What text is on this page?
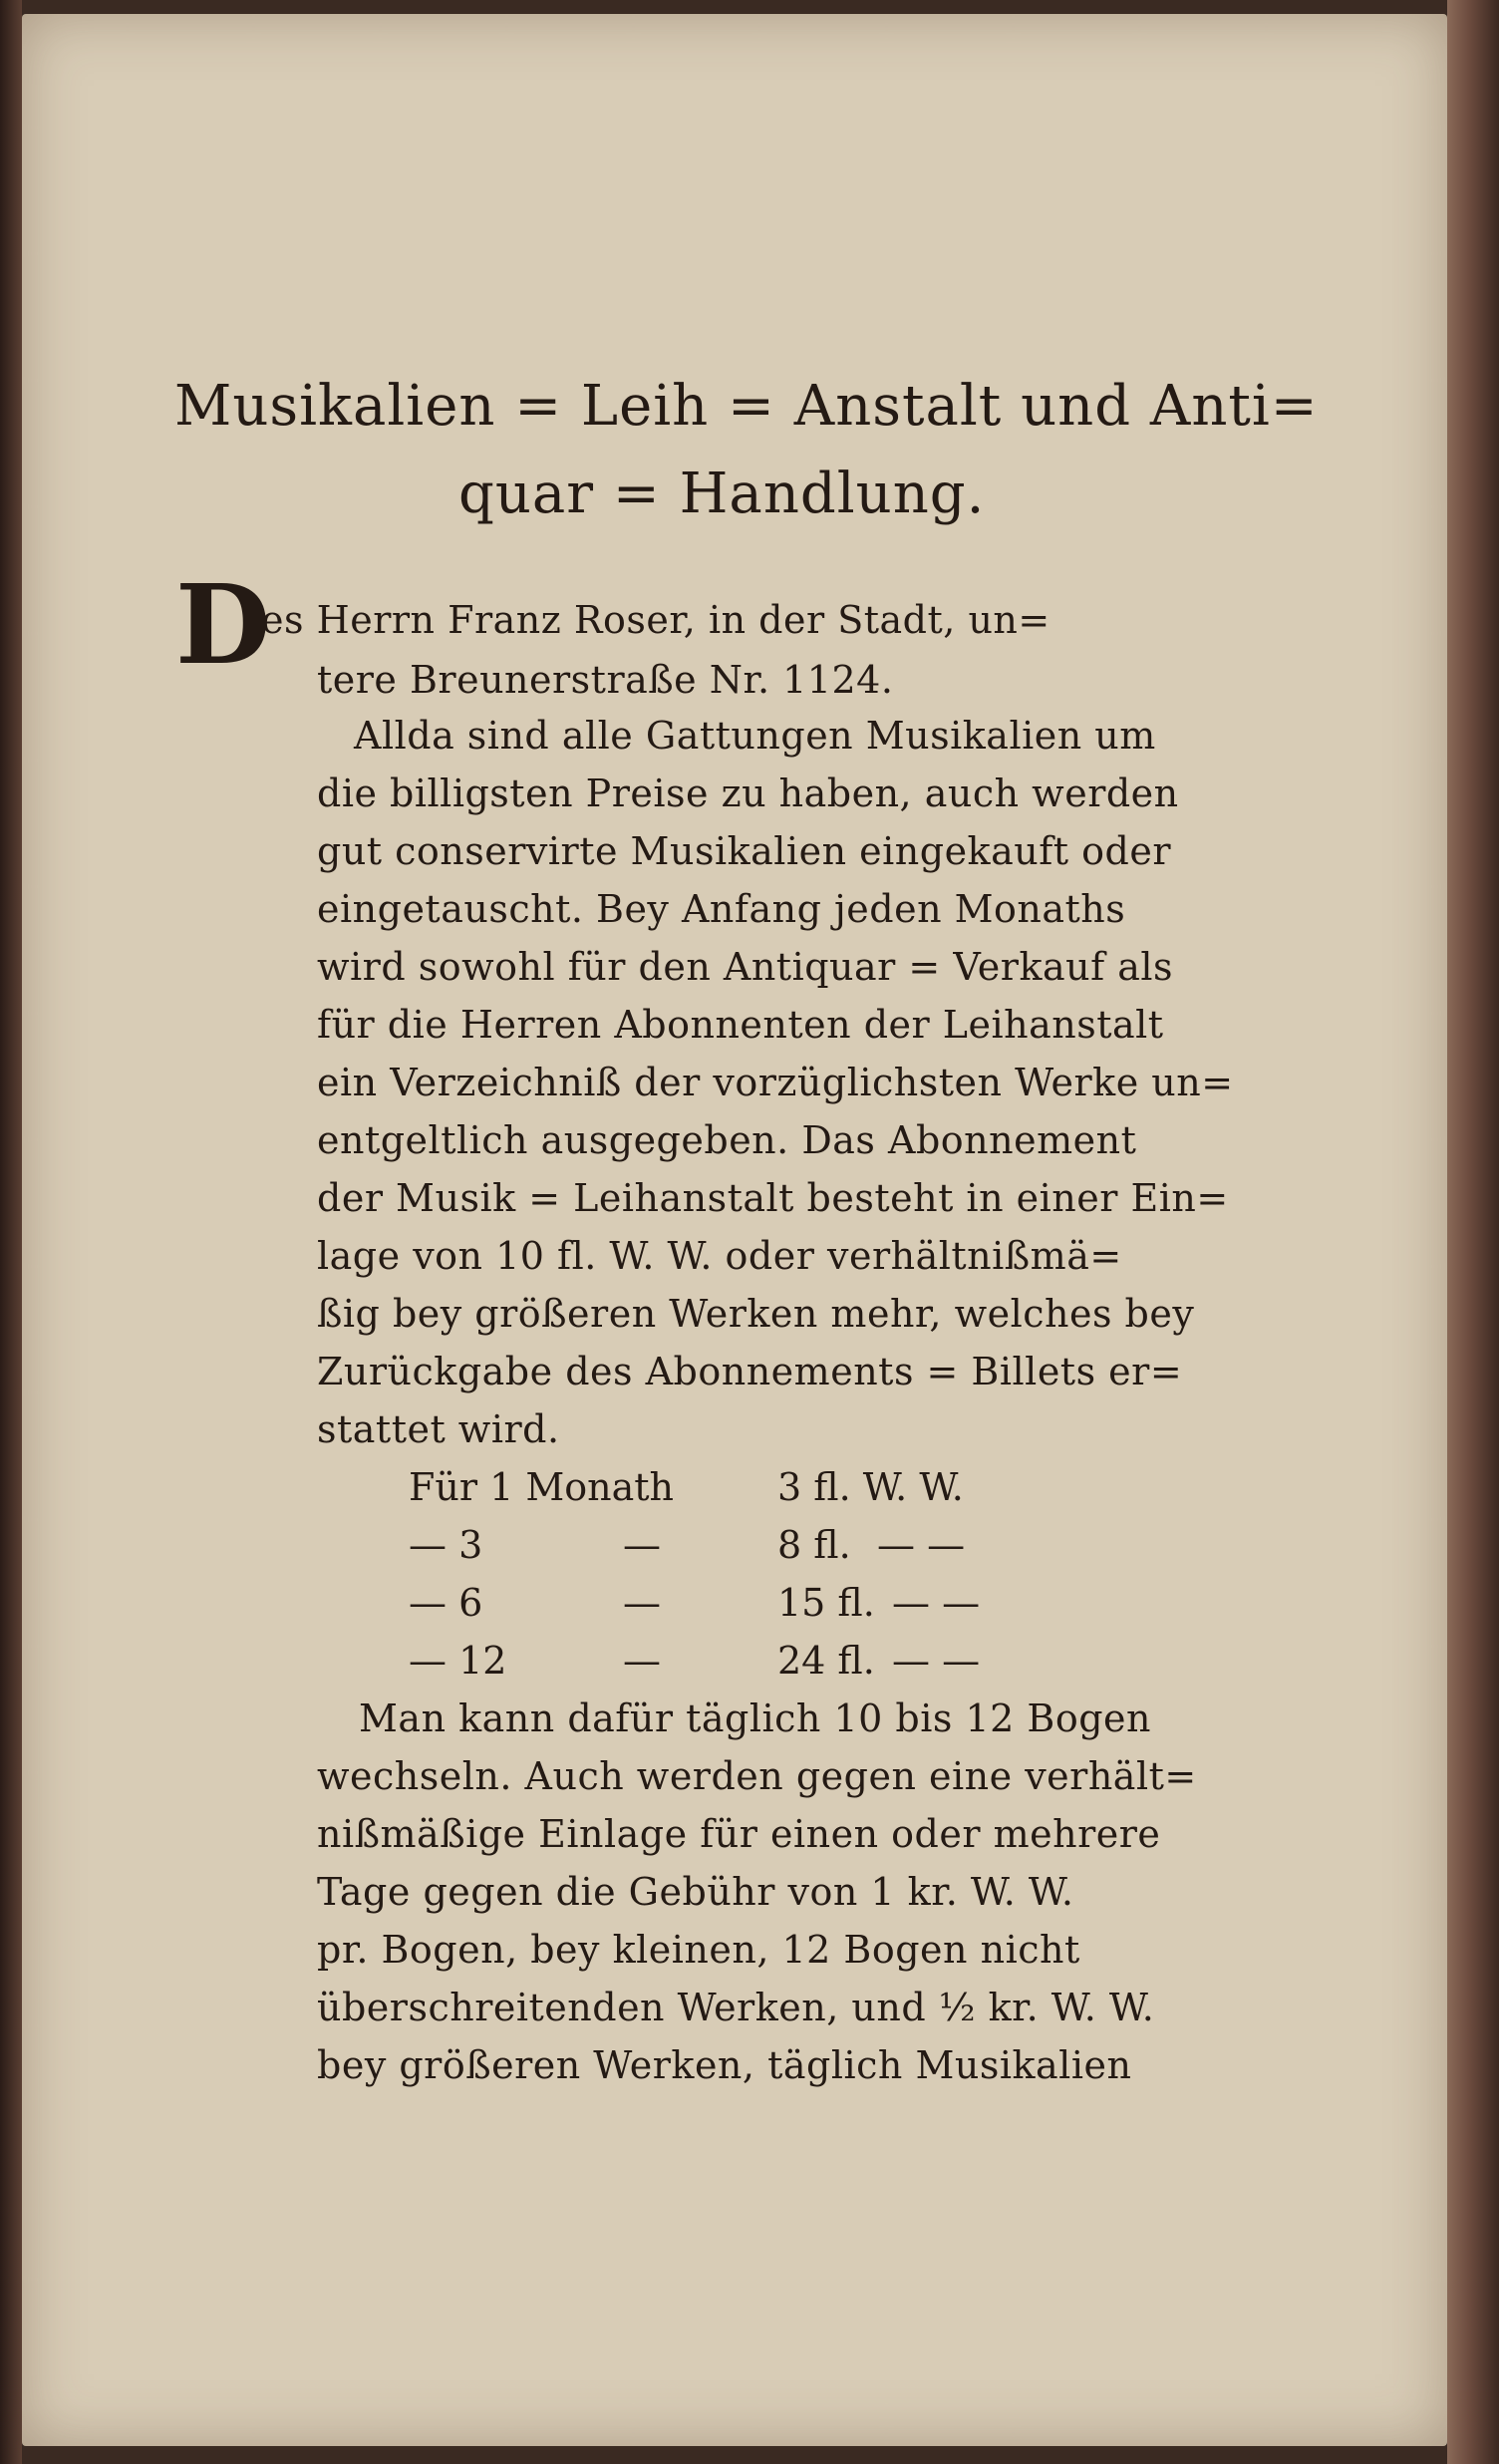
Musikalien = Leih = Anstalt und Anti=
quar = Handlung.
D
es Herrn Franz Roser, in der Stadt, un=
tere Breunerstraße Nr. 1124.
Allda sind alle Gattungen Musikalien um
die billigsten Preise zu haben, auch werden
gut conservirte Musikalien eingekauft oder
eingetauscht. Bey Anfang jeden Monaths
wird sowohl für den Antiquar = Verkauf als
für die Herren Abonnenten der Leihanstalt
ein Verzeichniß der vorzüglichsten Werke un=
entgeltlich ausgegeben. Das Abonnement
der Musik = Leihanstalt besteht in einer Ein=
lage von 10 fl. W. W. oder verhältnißmä=
ßig bey größeren Werken mehr, welches bey
Zurückgabe des Abonnements = Billets er=
stattet wird.
Für 1 Monath	3 fl. W. W.
— 3	—	8 fl. — —
— 6	—	15 fl. — —
— 12	—	24 fl. — —
Man kann dafür täglich 10 bis 12 Bogen
wechseln. Auch werden gegen eine verhält=
nißmäßige Einlage für einen oder mehrere
Tage gegen die Gebühr von 1 kr. W. W.
pr. Bogen, bey kleinen, 12 Bogen nicht
überschreitenden Werken, und ½ kr. W. W.
bey größeren Werken, täglich Musikalien
